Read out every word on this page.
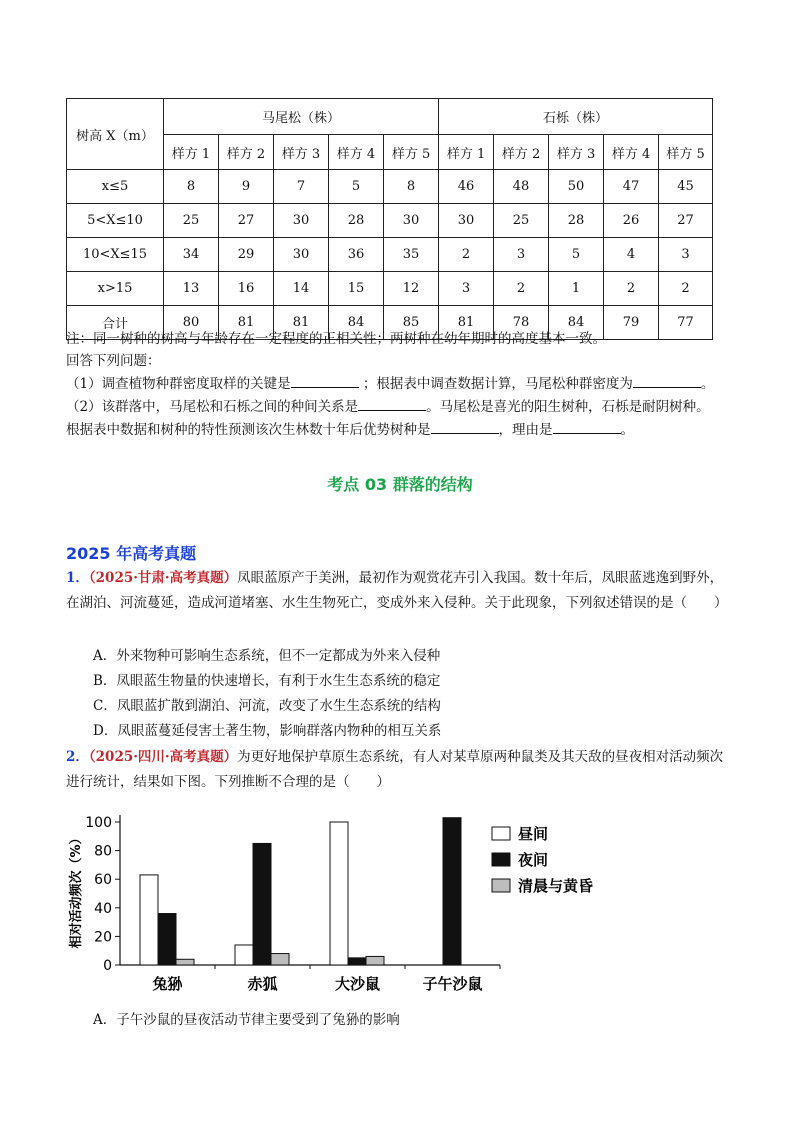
树高 X（m）	马尾松（株）					石栎（株）				
	样方 1	样方 2	样方 3	样方 4	样方 5	样方 1	样方 2	样方 3	样方 4	样方 5
x≤5	8	9	7	5	8	46	48	50	47	45
5<X≤10	25	27	30	28	30	30	25	28	26	27
10<X≤15	34	29	30	36	35	2	3	5	4	3
x>15	13	16	14	15	12	3	2	1	2	2
合计	80	81	81	84	85	81	78	84	79	77
注：同一树种的树高与年龄存在一定程度的正相关性；两树种在幼年期时的高度基本一致。
回答下列问题：
（1）调查植物种群密度取样的关键是	；根据表中调查数据计算，马尾松种群密度为	。
（2）该群落中，马尾松和石栎之间的种间关系是	。马尾松是喜光的阳生树种，石栎是耐阴树种。
根据表中数据和树种的特性预测该次生林数十年后优势树种是	，理由是	。
考点 03 群落的结构
2025 年高考真题
1．（2025·甘肃·高考真题）凤眼蓝原产于美洲，最初作为观赏花卉引入我国。数十年后，凤眼蓝逃逸到野外，在湖泊、河流蔓延，造成河道堵塞、水生生物死亡，变成外来入侵种。关于此现象，下列叙述错误的是（　　）
A．外来物种可影响生态系统，但不一定都成为外来入侵种
B．凤眼蓝生物量的快速增长，有利于水生生态系统的稳定
C．凤眼蓝扩散到湖泊、河流，改变了水生生态系统的结构
D．凤眼蓝蔓延侵害土著生物，影响群落内物种的相互关系
2．（2025·四川·高考真题）为更好地保护草原生态系统，有人对某草原两种鼠类及其天敌的昼夜相对活动频次进行统计，结果如下图。下列推断不合理的是（　　）
0
20
40
60
80
100
相对活动频次（%）
兔狲	赤狐	大沙鼠	子午沙鼠
昼间
夜间
清晨与黄昏
A．子午沙鼠的昼夜活动节律主要受到了兔狲的影响
